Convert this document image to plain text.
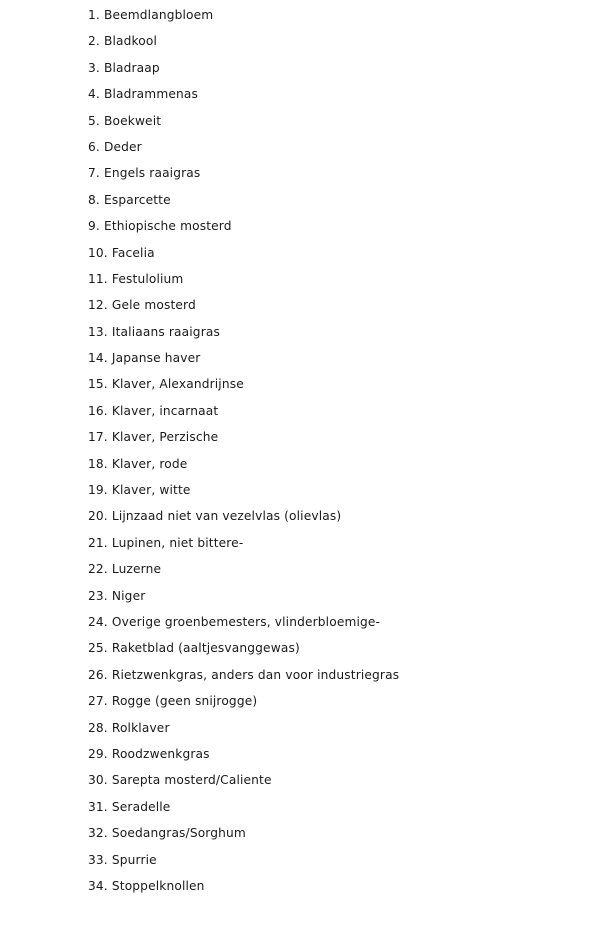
1. Beemdlangbloem
2. Bladkool
3. Bladraap
4. Bladrammenas
5. Boekweit
6. Deder
7. Engels raaigras
8. Esparcette
9. Ethiopische mosterd
10. Facelia
11. Festulolium
12. Gele mosterd
13. Italiaans raaigras
14. Japanse haver
15. Klaver, Alexandrijnse
16. Klaver, incarnaat
17. Klaver, Perzische
18. Klaver, rode
19. Klaver, witte
20. Lijnzaad niet van vezelvlas (olievlas)
21. Lupinen, niet bittere-
22. Luzerne
23. Niger
24. Overige groenbemesters, vlinderbloemige-
25. Raketblad (aaltjesvanggewas)
26. Rietzwenkgras, anders dan voor industriegras
27. Rogge (geen snijrogge)
28. Rolklaver
29. Roodzwenkgras
30. Sarepta mosterd/Caliente
31. Seradelle
32. Soedangras/Sorghum
33. Spurrie
34. Stoppelknollen
